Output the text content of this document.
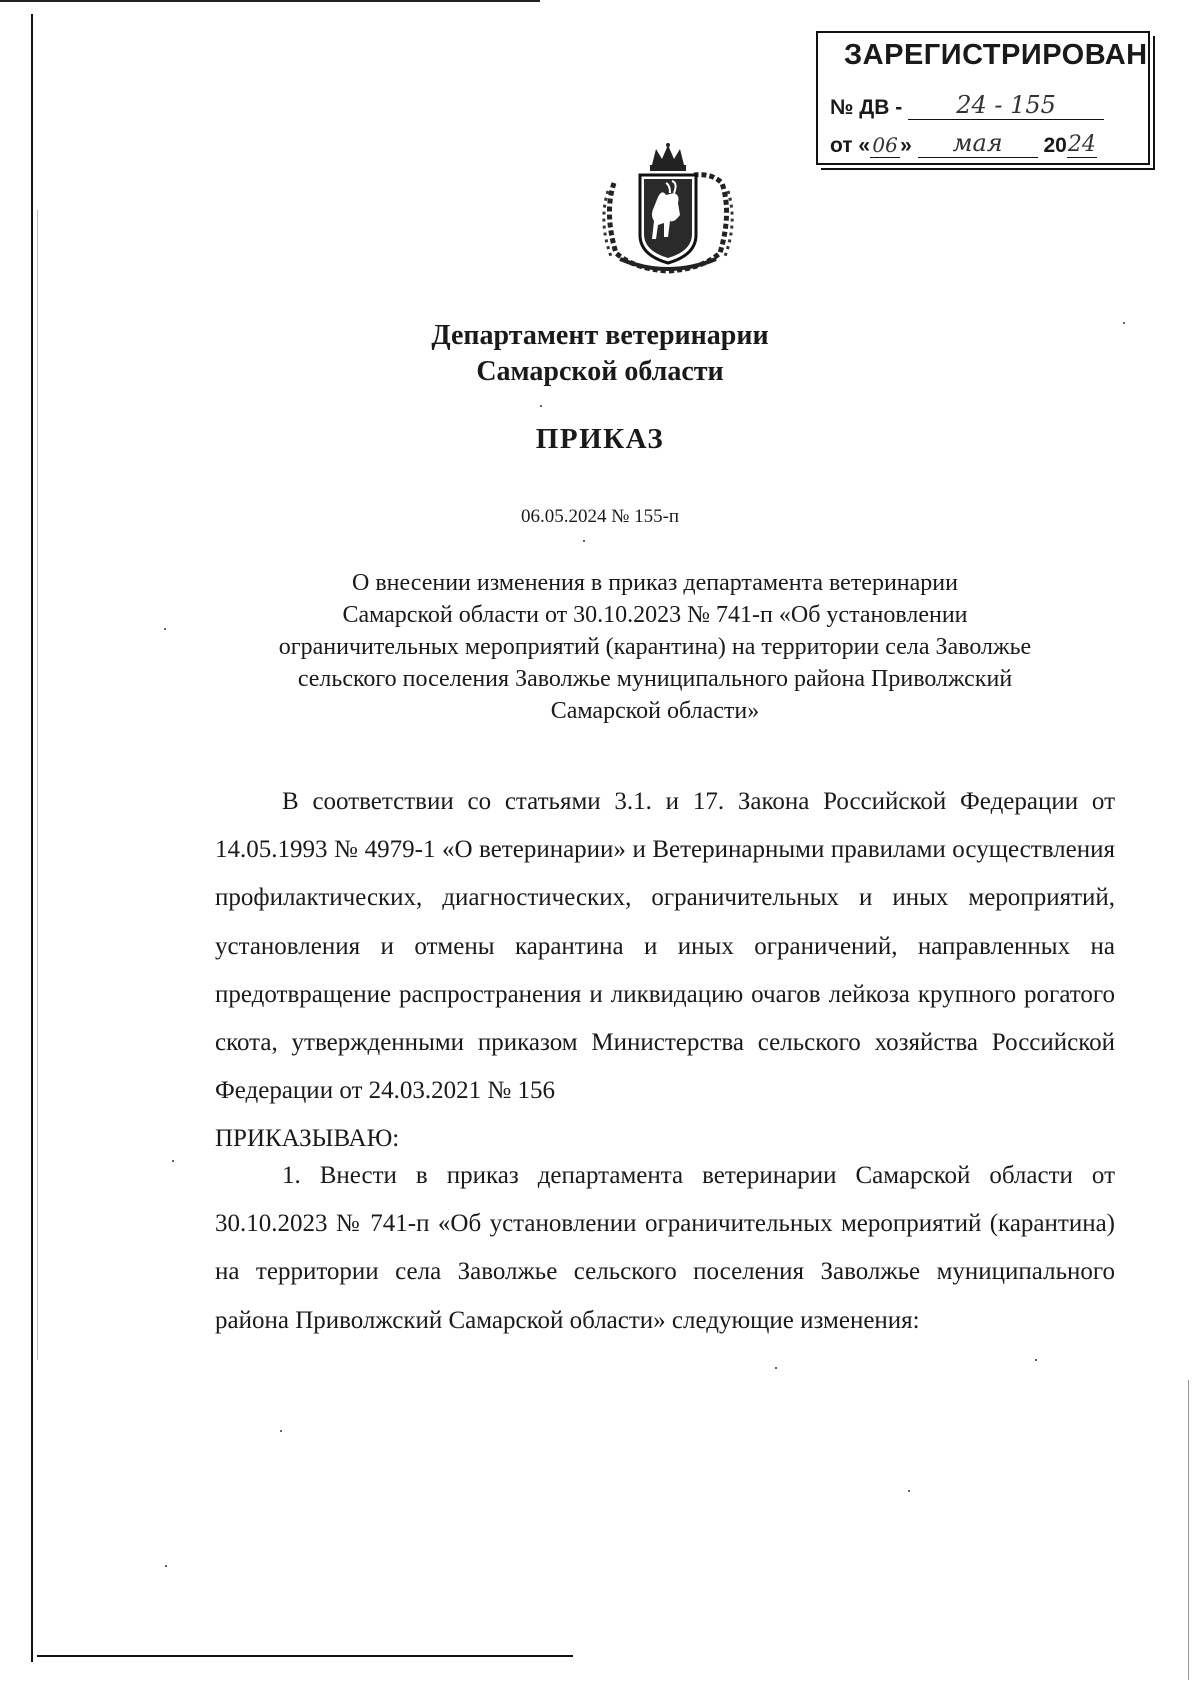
ЗАРЕГИСТРИРОВАН
№ ДВ - 24 - 155
от « 06 » мая 2024
Департамент ветеринарии
Самарской области
ПРИКАЗ
06.05.2024 № 155-п
О внесении изменения в приказ департамента ветеринарии
Самарской области от 30.10.2023 № 741-п «Об установлении
ограничительных мероприятий (карантина) на территории села Заволжье
сельского поселения Заволжье муниципального района Приволжский
Самарской области»
В соответствии со статьями 3.1. и 17. Закона Российской Федерации от 14.05.1993 № 4979-1 «О ветеринарии» и Ветеринарными правилами осуществления профилактических, диагностических, ограничительных и иных мероприятий, установления и отмены карантина и иных ограничений, направленных на предотвращение распространения и ликвидацию очагов лейкоза крупного рогатого скота, утвержденными приказом Министерства сельского хозяйства Российской Федерации от 24.03.2021 № 156
ПРИКАЗЫВАЮ:
1. Внести в приказ департамента ветеринарии Самарской области от 30.10.2023 № 741-п «Об установлении ограничительных мероприятий (карантина) на территории села Заволжье сельского поселения Заволжье муниципального района Приволжский Самарской области» следующие изменения:
